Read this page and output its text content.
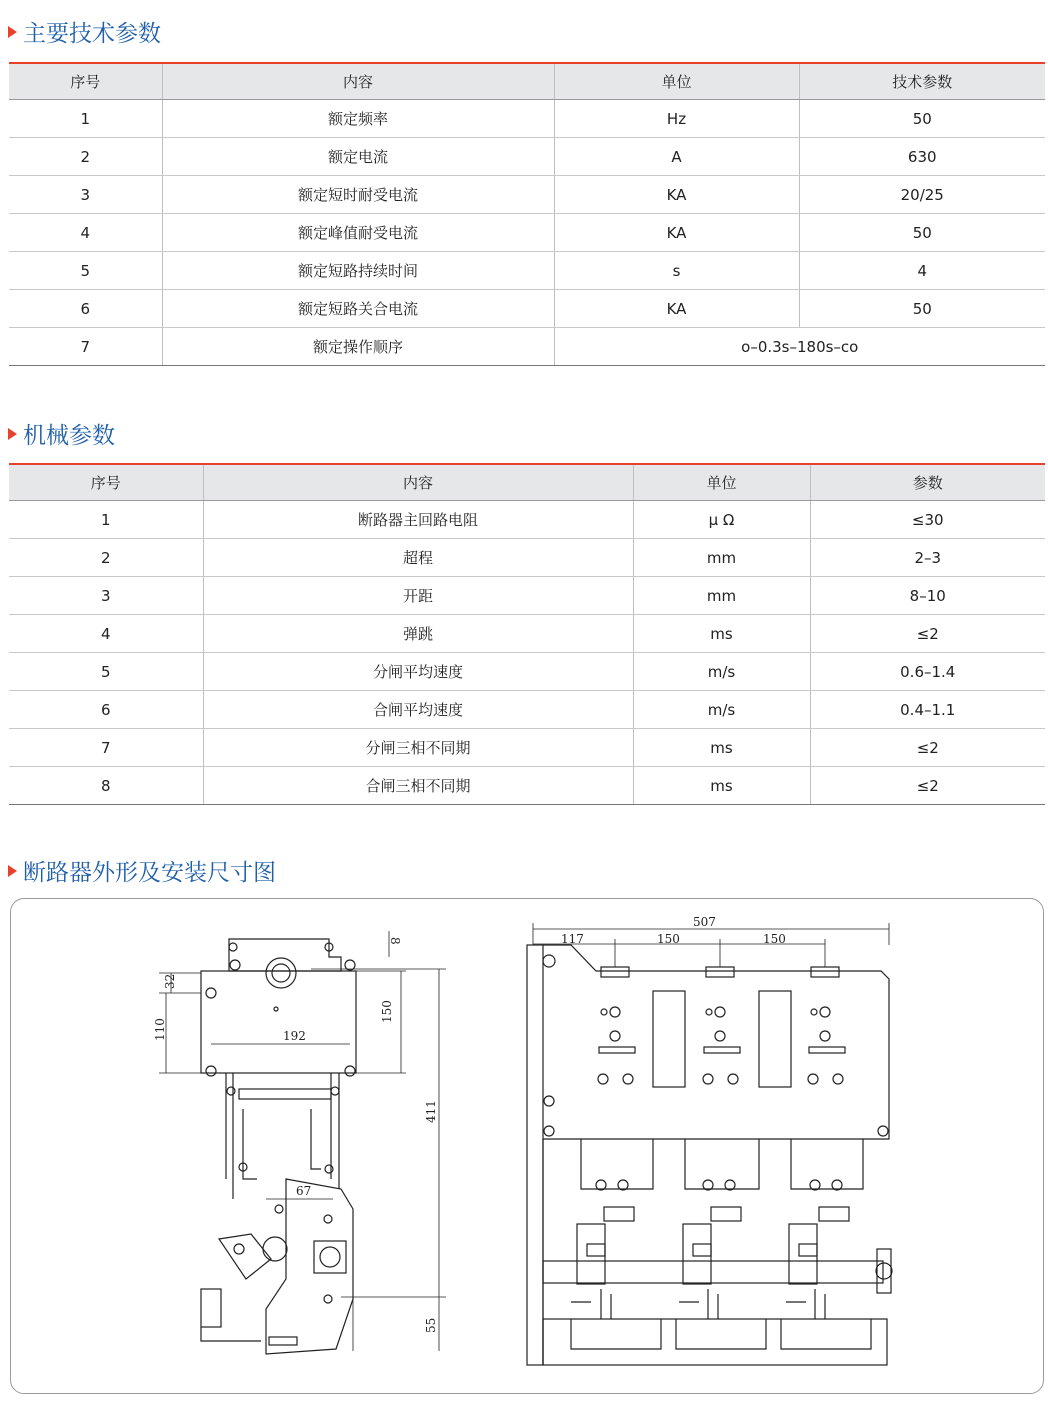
主要技术参数
序号	内容	单位	技术参数
1	额定频率	Hz	50
2	额定电流	A	630
3	额定短时耐受电流	KA	20/25
4	额定峰值耐受电流	KA	50
5	额定短路持续时间	s	4
6	额定短路关合电流	KA	50
7	额定操作顺序	o–0.3s–180s–co	
机械参数
序号	内容	单位	参数
1	断路器主回路电阻	μ Ω	≤30
2	超程	mm	2–3
3	开距	mm	8–10
4	弹跳	ms	≤2
5	分闸平均速度	m/s	0.6–1.4
6	合闸平均速度	m/s	0.4–1.1
7	分闸三相不同期	ms	≤2
8	合闸三相不同期	ms	≤2
断路器外形及安装尺寸图
32
110	192
150
8
411
67
55
507
117	150	150
